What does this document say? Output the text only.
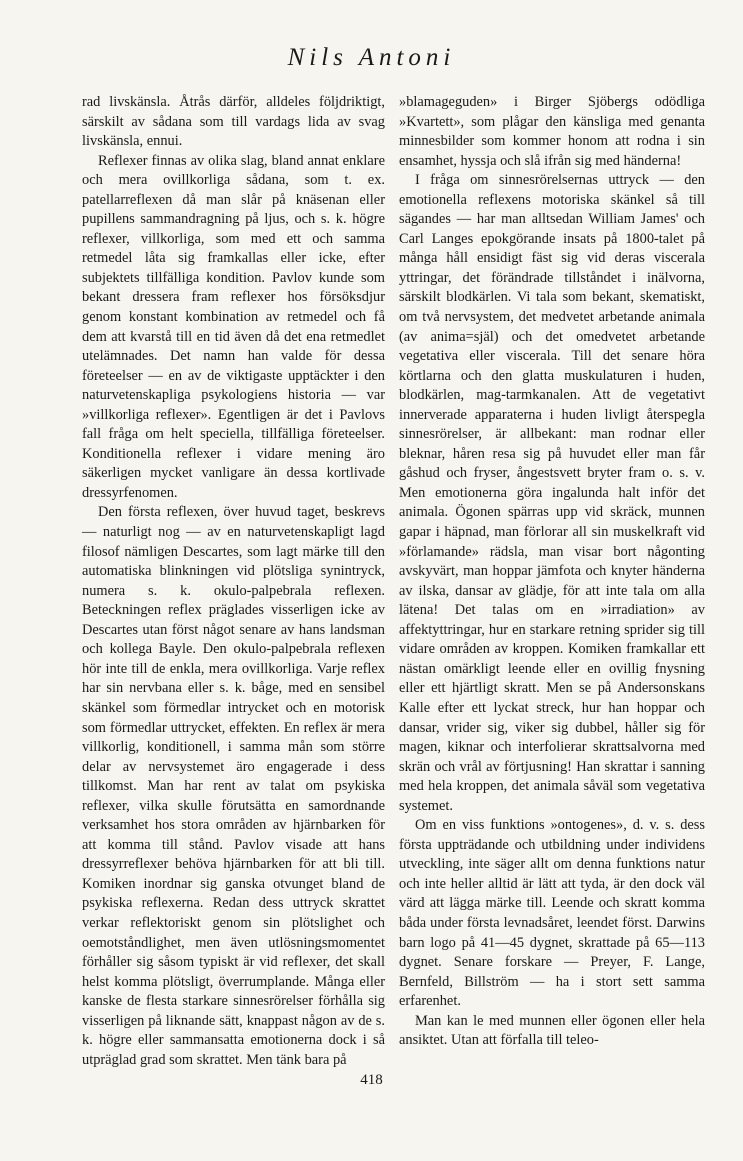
Nils Antoni

rad livskänsla. Åtrås därför, alldeles följdriktigt, särskilt av sådana som till vardags lida av svag livskänsla, ennui.

Reflexer finnas av olika slag, bland annat enklare och mera ovillkorliga sådana, som t. ex. patellarreflexen då man slår på knäsenan eller pupillens sammandragning på ljus, och s. k. högre reflexer, villkorliga, som med ett och samma retmedel låta sig framkallas eller icke, efter subjektets tillfälliga kondition. Pavlov kunde som bekant dressera fram reflexer hos försöksdjur genom konstant kombination av retmedel och få dem att kvarstå till en tid även då det ena retmedlet utelämnades. Det namn han valde för dessa företeelser — en av de viktigaste upptäckter i den naturvetenskapliga psykologiens historia — var »villkorliga reflexer». Egentligen är det i Pavlovs fall fråga om helt speciella, tillfälliga företeelser. Konditionella reflexer i vidare mening äro säkerligen mycket vanligare än dessa kortlivade dressyrfenomen.

Den första reflexen, över huvud taget, beskrevs — naturligt nog — av en naturvetenskapligt lagd filosof nämligen Descartes, som lagt märke till den automatiska blinkningen vid plötsliga synintryck, numera s. k. okulo-palpebrala reflexen. Beteckningen reflex präglades visserligen icke av Descartes utan först något senare av hans landsman och kollega Bayle. Den okulo-palpebrala reflexen hör inte till de enkla, mera ovillkorliga. Varje reflex har sin nervbana eller s. k. båge, med en sensibel skänkel som förmedlar intrycket och en motorisk som förmedlar uttrycket, effekten. En reflex är mera villkorlig, konditionell, i samma mån som större delar av nervsystemet äro engagerade i dess tillkomst. Man har rent av talat om psykiska reflexer, vilka skulle förutsätta en samordnande verksamhet hos stora områden av hjärnbarken för att komma till stånd. Pavlov visade att hans dressyrreflexer behöva hjärnbarken för att bli till. Komiken inordnar sig ganska otvunget bland de psykiska reflexerna. Redan dess uttryck skrattet verkar reflektoriskt genom sin plötslighet och oemotståndlighet, men även utlösningsmomentet förhåller sig såsom typiskt är vid reflexer, det skall helst komma plötsligt, överrumplande. Många eller kanske de flesta starkare sinnesrörelser förhålla sig visserligen på liknande sätt, knappast någon av de s. k. högre eller sammansatta emotionerna dock i så utpräglad grad som skrattet. Men tänk bara på

»blamageguden» i Birger Sjöbergs odödliga »Kvartett», som plågar den känsliga med genanta minnesbilder som kommer honom att rodna i sin ensamhet, hyssja och slå ifrån sig med händerna!

I fråga om sinnesrörelsernas uttryck — den emotionella reflexens motoriska skänkel så till sägandes — har man alltsedan William James' och Carl Langes epokgörande insats på 1800-talet på många håll ensidigt fäst sig vid deras viscerala yttringar, det förändrade tillståndet i inälvorna, särskilt blodkärlen. Vi tala som bekant, skematiskt, om två nervsystem, det medvetet arbetande animala (av anima=själ) och det omedvetet arbetande vegetativa eller viscerala. Till det senare höra körtlarna och den glatta muskulaturen i huden, blodkärlen, mag-tarmkanalen. Att de vegetativt innerverade apparaterna i huden livligt återspegla sinnesrörelser, är allbekant: man rodnar eller bleknar, håren resa sig på huvudet eller man får gåshud och fryser, ångestsvett bryter fram o. s. v. Men emotionerna göra ingalunda halt inför det animala. Ögonen spärras upp vid skräck, munnen gapar i häpnad, man förlorar all sin muskelkraft vid »förlamande» rädsla, man visar bort någonting avskyvärt, man hoppar jämfota och knyter händerna av ilska, dansar av glädje, för att inte tala om alla lätena! Det talas om en »irradiation» av affektyttringar, hur en starkare retning sprider sig till vidare områden av kroppen. Komiken framkallar ett nästan omärkligt leende eller en ovillig fnysning eller ett hjärtligt skratt. Men se på Andersonskans Kalle efter ett lyckat streck, hur han hoppar och dansar, vrider sig, viker sig dubbel, håller sig för magen, kiknar och interfolierar skrattsalvorna med skrän och vrål av förtjusning! Han skrattar i sanning med hela kroppen, det animala såväl som vegetativa systemet.

Om en viss funktions »ontogenes», d. v. s. dess första uppträdande och utbildning under individens utveckling, inte säger allt om denna funktions natur och inte heller alltid är lätt att tyda, är den dock väl värd att lägga märke till. Leende och skratt komma båda under första levnadsåret, leendet först. Darwins barn logo på 41—45 dygnet, skrattade på 65—113 dygnet. Senare forskare — Preyer, F. Lange, Bernfeld, Billström — ha i stort sett samma erfarenhet.

Man kan le med munnen eller ögonen eller hela ansiktet. Utan att förfalla till teleo-

418
